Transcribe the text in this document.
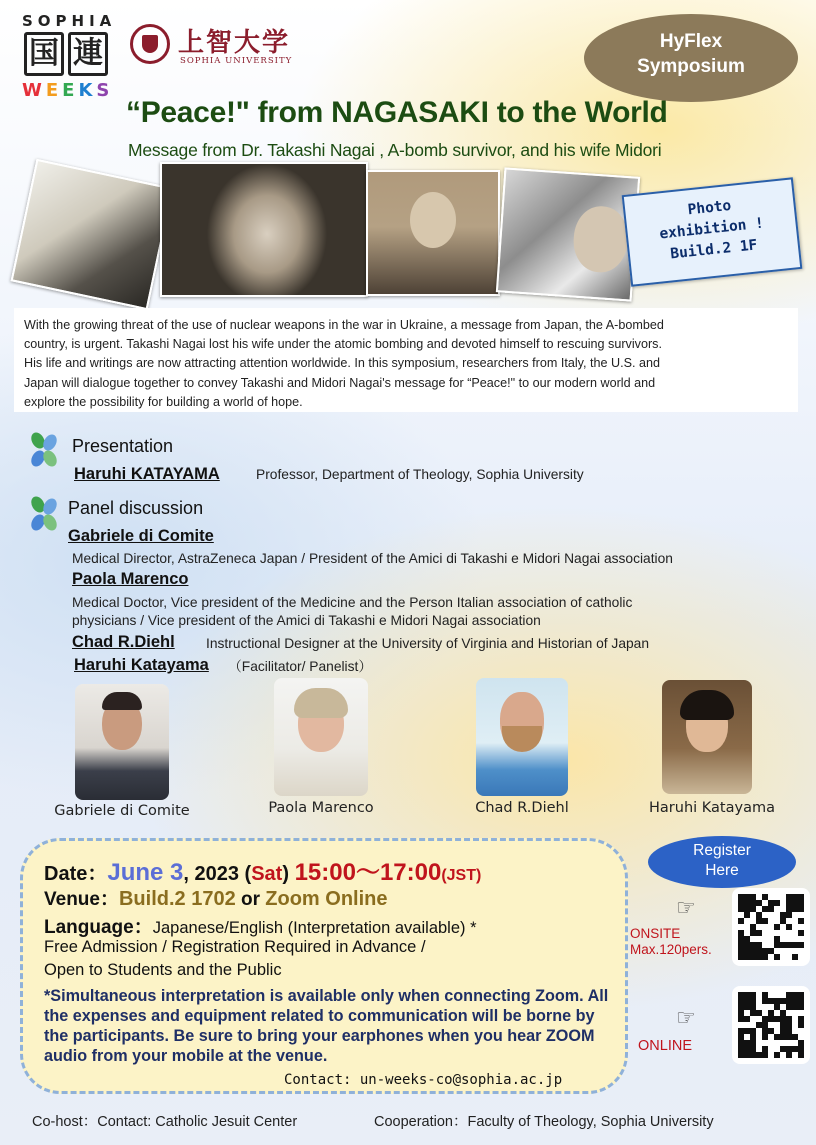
SOPHIA
国 連
WEEKS
上智大学
SOPHIA UNIVERSITY
HyFlex
Symposium
“Peace!" from NAGASAKI to the World
Message from Dr. Takashi Nagai , A-bomb survivor, and his wife Midori
Photo
exhibition !
Build.2 1F
With the growing threat of the use of nuclear weapons in the war in Ukraine, a message from Japan, the A-bombed
country, is urgent. Takashi Nagai lost his wife under the atomic bombing and devoted himself to rescuing survivors.
His life and writings are now attracting attention worldwide. In this symposium, researchers from Italy, the U.S. and
Japan will dialogue together to convey Takashi and Midori Nagai's message for “Peace!" to our modern world and
explore the possibility for building a world of hope.
Presentation
Haruhi KATAYAMA	Professor, Department of Theology, Sophia University
Panel discussion
Gabriele di Comite
Medical Director, AstraZeneca Japan / President of the Amici di Takashi e Midori Nagai association
Paola Marenco
Medical Doctor, Vice president of the Medicine and the Person Italian association of catholic
physicians / Vice president of the Amici di Takashi e Midori Nagai association
Chad R.Diehl Instructional Designer at the University of Virginia and Historian of Japan
Haruhi Katayama （Facilitator/ Panelist）
Gabriele di Comite	Paola Marenco	Chad R.Diehl	Haruhi Katayama
Date：June 3, 2023 (Sat) 15:00～17:00(JST)
Venue：Build.2 1702 or Zoom Online
Language：Japanese/English (Interpretation available) *
Free Admission / Registration Required in Advance /
Open to Students and the Public
*Simultaneous interpretation is available only when connecting Zoom. All the expenses and equipment related to communication will be borne by the participants. Be sure to bring your earphones when you hear ZOOM audio from your mobile at the venue.
Contact: un-weeks-co@sophia.ac.jp
Register
Here
☞
ONSITE
Max.120pers.
☞
ONLINE
Co-host：Contact: Catholic Jesuit Center	Cooperation：Faculty of Theology, Sophia University
